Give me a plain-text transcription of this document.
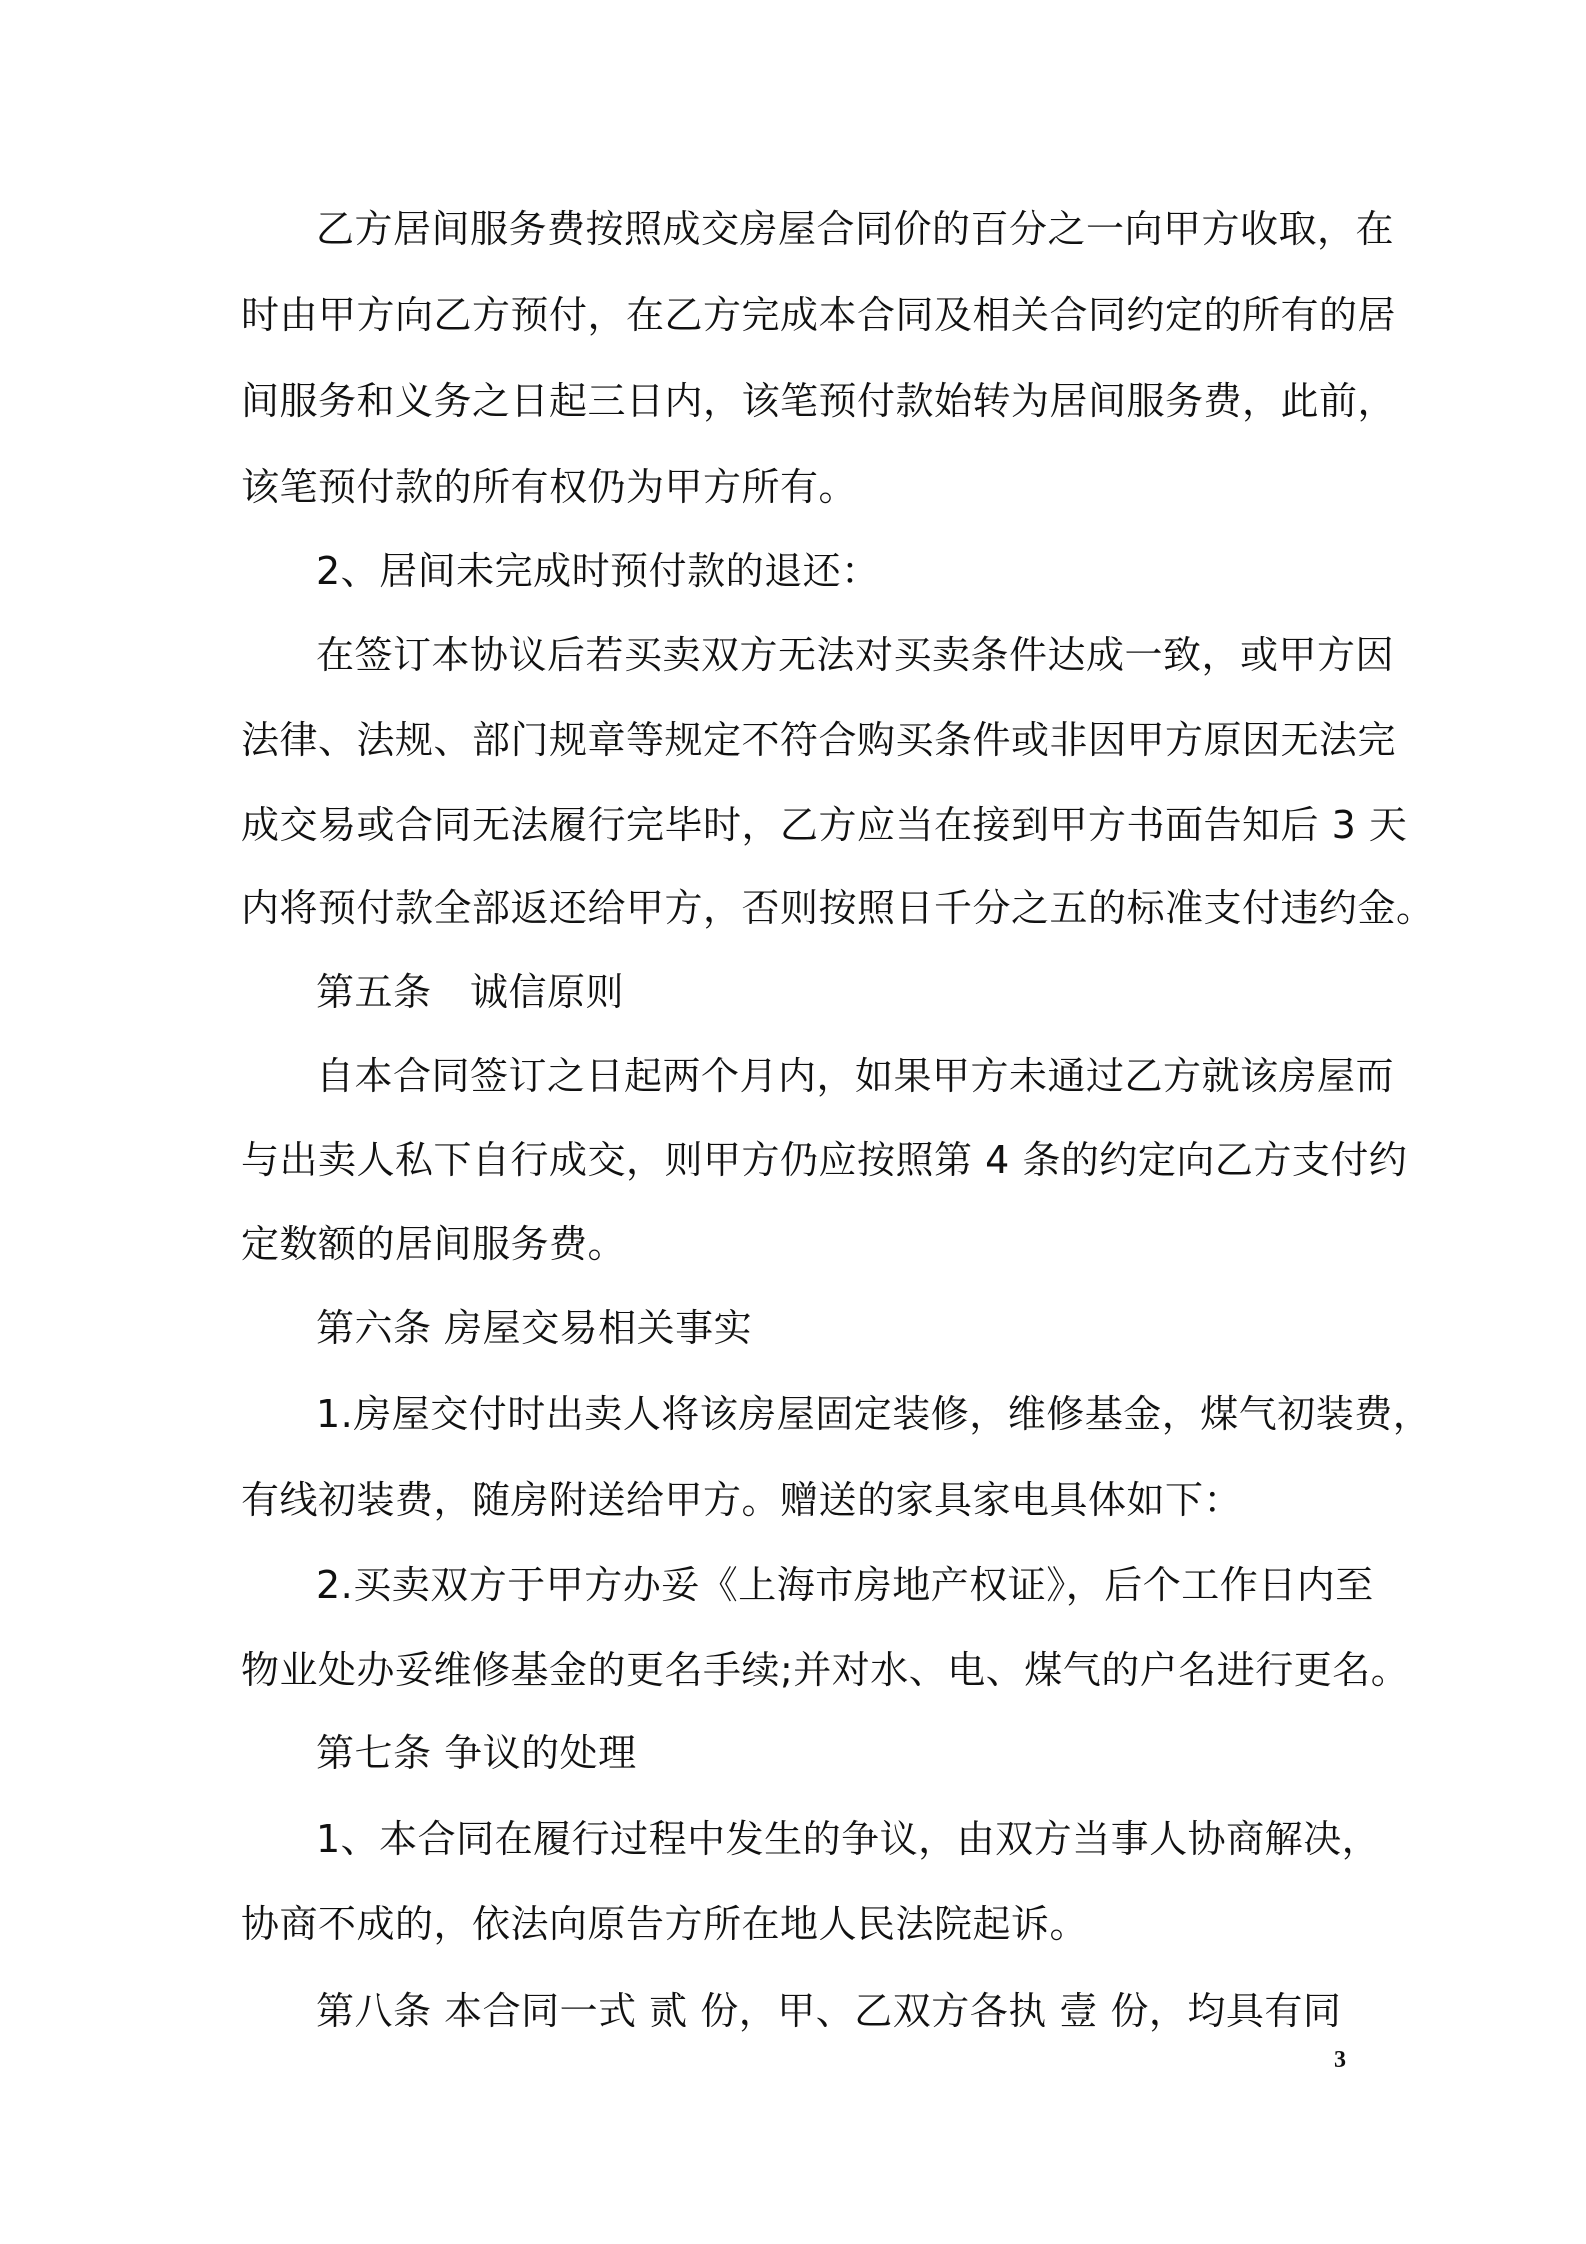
乙方居间服务费按照成交房屋合同价的百分之一向甲方收取，在
时由甲方向乙方预付，在乙方完成本合同及相关合同约定的所有的居
间服务和义务之日起三日内，该笔预付款始转为居间服务费，此前，
该笔预付款的所有权仍为甲方所有。
2、居间未完成时预付款的退还：
在签订本协议后若买卖双方无法对买卖条件达成一致，或甲方因
法律、法规、部门规章等规定不符合购买条件或非因甲方原因无法完
成交易或合同无法履行完毕时，乙方应当在接到甲方书面告知后 3 天
内将预付款全部返还给甲方，否则按照日千分之五的标准支付违约金。
第五条　诚信原则
自本合同签订之日起两个月内，如果甲方未通过乙方就该房屋而
与出卖人私下自行成交，则甲方仍应按照第 4 条的约定向乙方支付约
定数额的居间服务费。
第六条 房屋交易相关事实
1.房屋交付时出卖人将该房屋固定装修，维修基金，煤气初装费，
有线初装费，随房附送给甲方。赠送的家具家电具体如下：
2.买卖双方于甲方办妥《上海市房地产权证》，后个工作日内至
物业处办妥维修基金的更名手续;并对水、电、煤气的户名进行更名。
第七条 争议的处理
1、本合同在履行过程中发生的争议，由双方当事人协商解决，
协商不成的，依法向原告方所在地人民法院起诉。
第八条 本合同一式 贰 份，甲、乙双方各执 壹 份，均具有同
3
